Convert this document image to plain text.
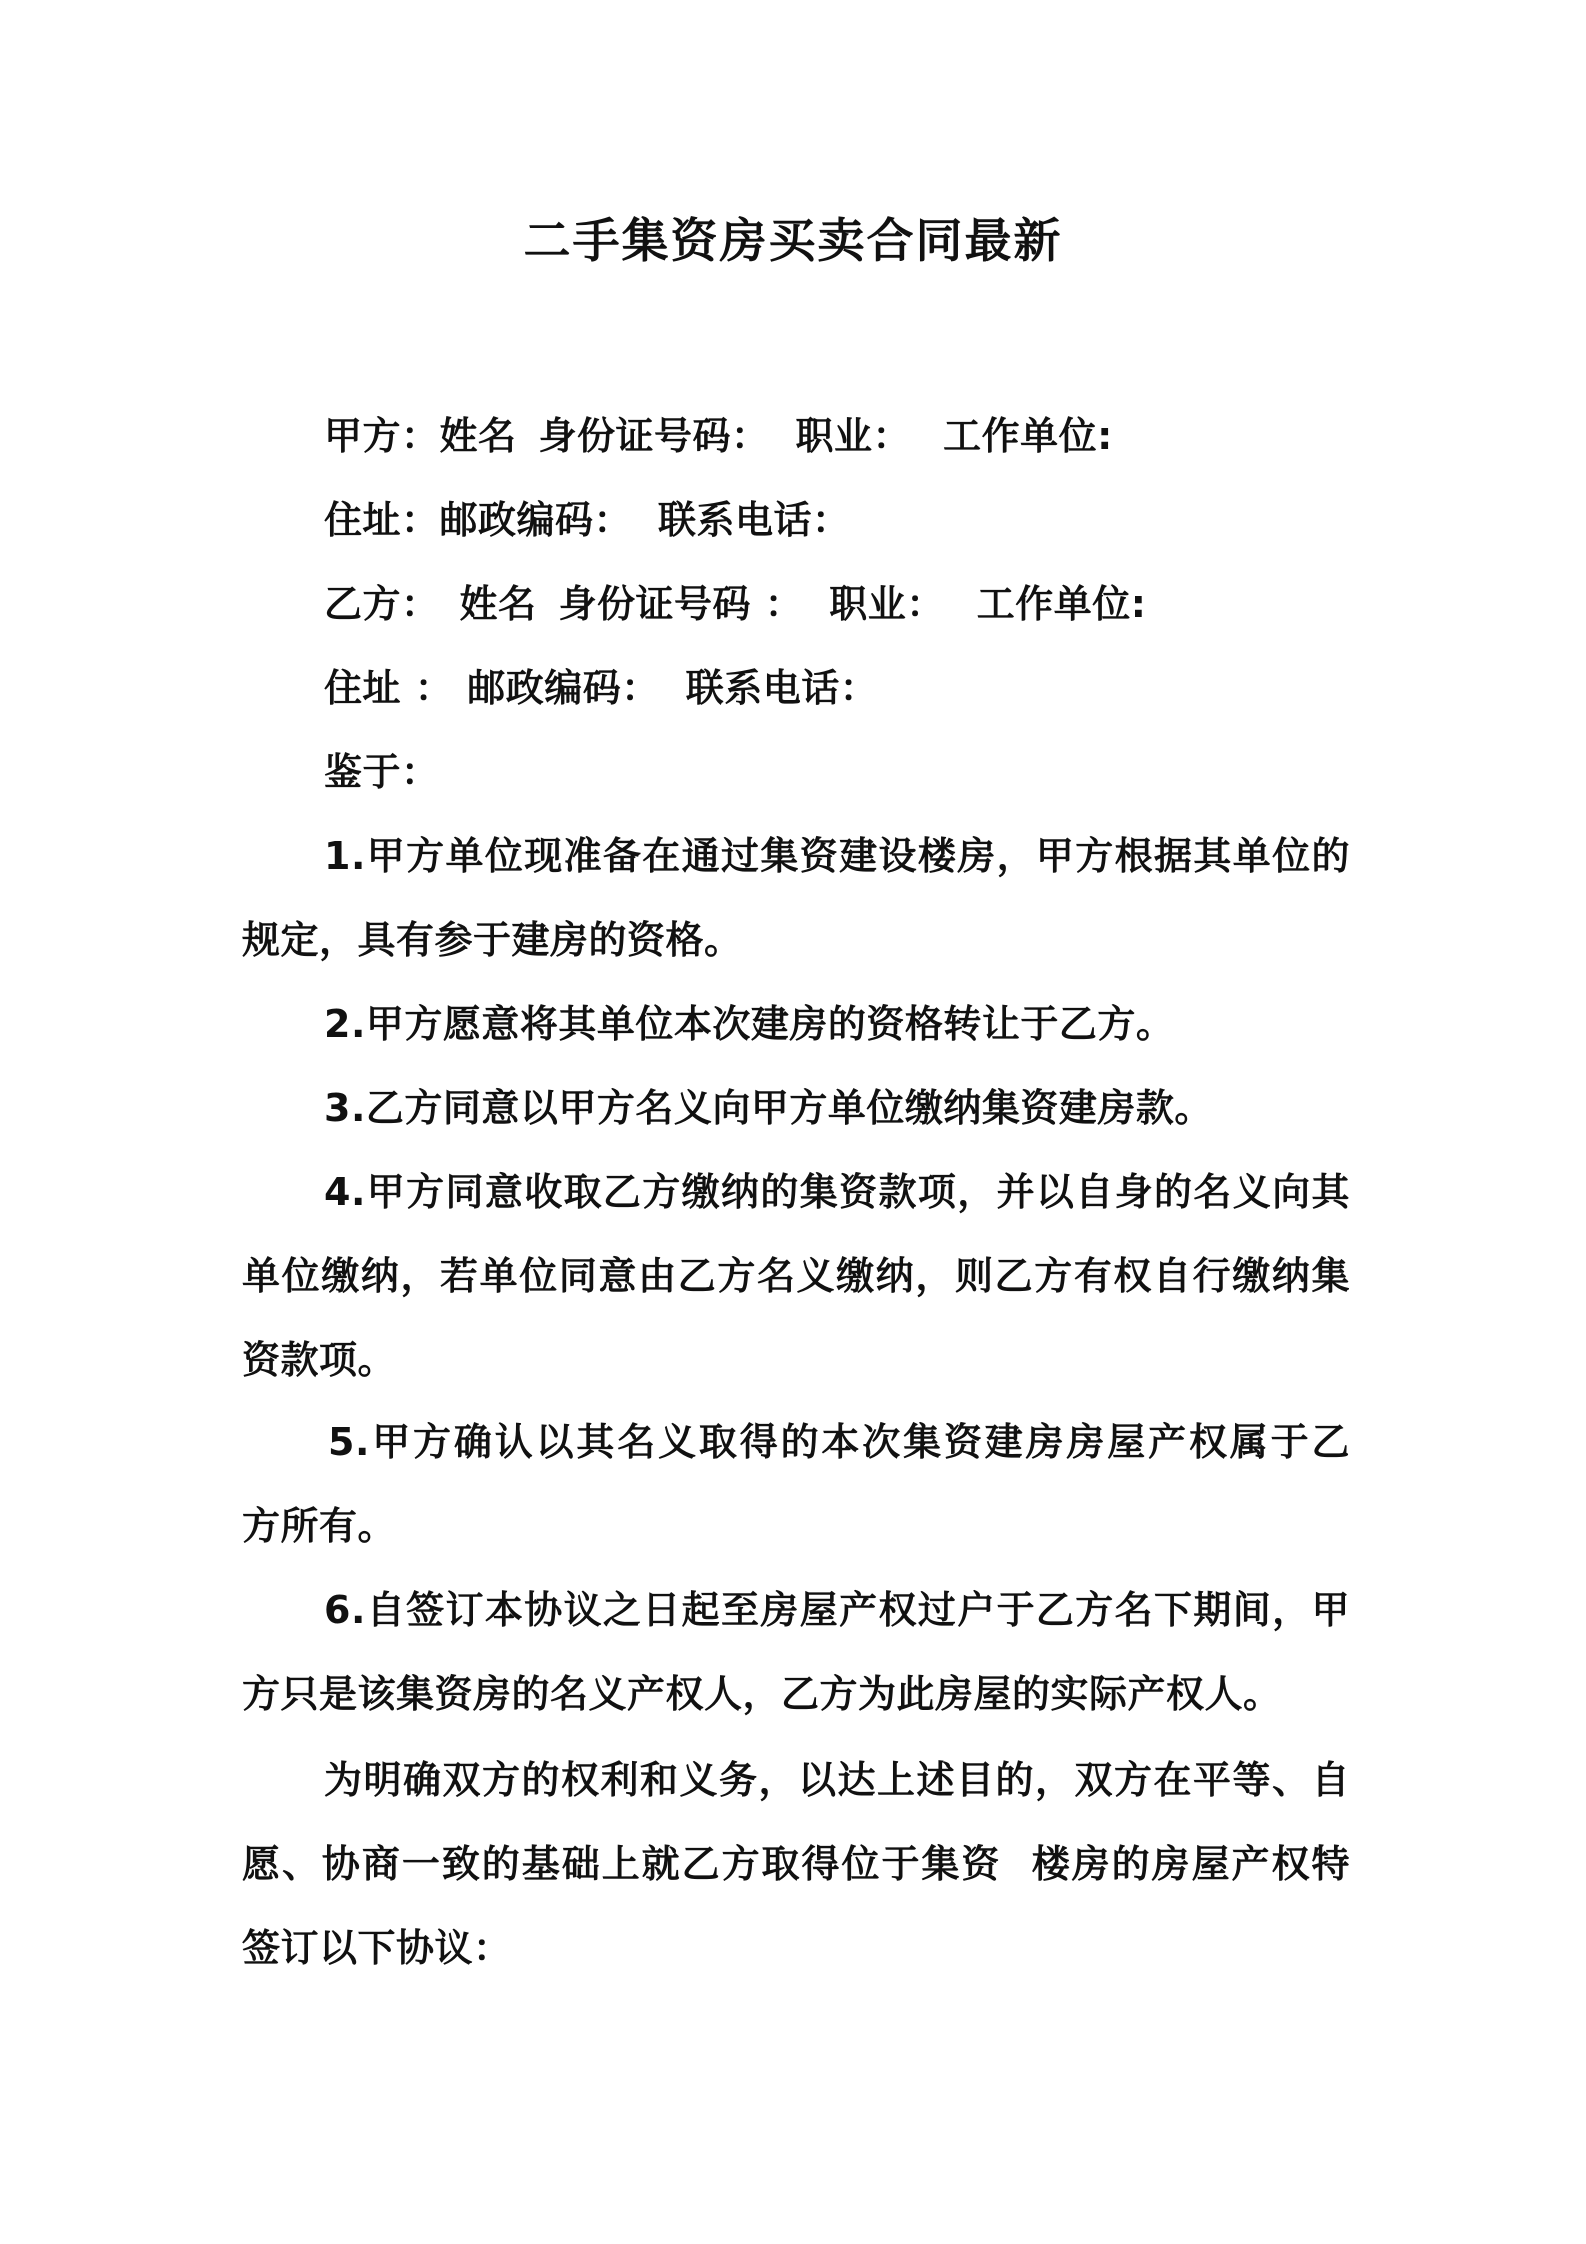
二手集资房买卖合同最新
甲方：姓名 身份证号码： 职业： 工作单位:
住址：邮政编码： 联系电话：
乙方： 姓名 身份证号码 ： 职业： 工作单位:
住址 ： 邮政编码： 联系电话：
鉴于：
1.甲方单位现准备在通过集资建设楼房，甲方根据其单位的
规定，具有参于建房的资格。
2.甲方愿意将其单位本次建房的资格转让于乙方。
3.乙方同意以甲方名义向甲方单位缴纳集资建房款。
4.甲方同意收取乙方缴纳的集资款项，并以自身的名义向其
单位缴纳，若单位同意由乙方名义缴纳，则乙方有权自行缴纳集
资款项。
5.甲方确认以其名义取得的本次集资建房房屋产权属于乙
方所有。
6.自签订本协议之日起至房屋产权过户于乙方名下期间，甲
方只是该集资房的名义产权人，乙方为此房屋的实际产权人。
为明确双方的权利和义务，以达上述目的，双方在平等、自
愿、协商一致的基础上就乙方取得位于集资  楼房的房屋产权特
签订以下协议：
